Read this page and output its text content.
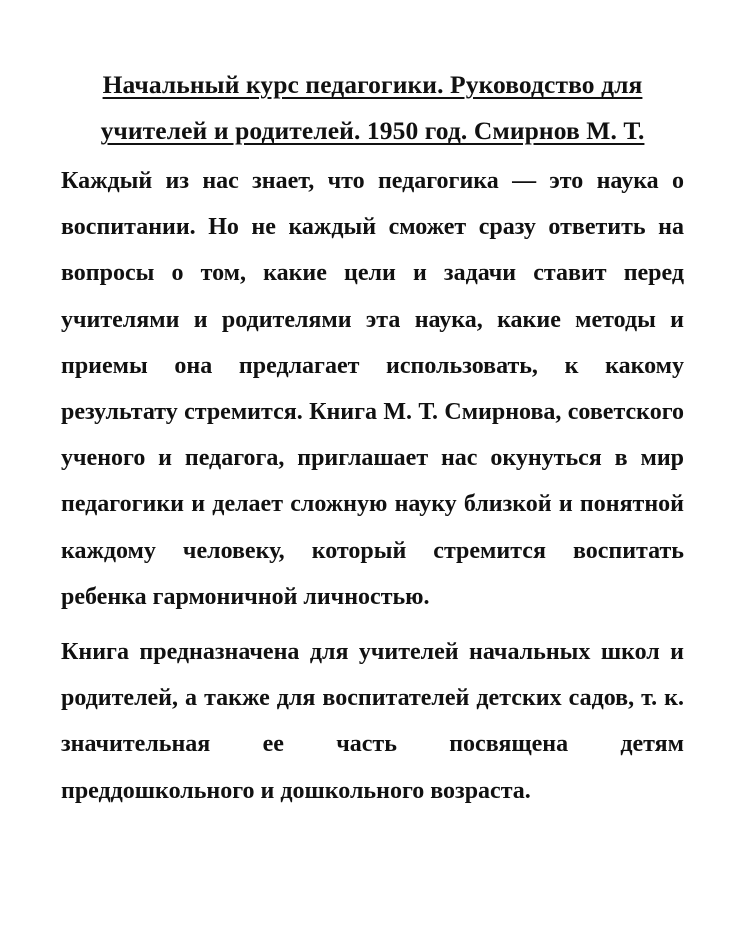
Начальный курс педагогики. Руководство для учителей и родителей. 1950 год. Смирнов М. Т.

Каждый из нас знает, что педагогика — это наука о воспитании. Но не каждый сможет сразу ответить на вопросы о том, какие цели и задачи ставит перед учителями и родителями эта наука, какие методы и приемы она предлагает использовать, к какому результату стремится. Книга М. Т. Смирнова, советского ученого и педагога, приглашает нас окунуться в мир педагогики и делает сложную науку близкой и понятной каждому человеку, который стремится воспитать ребенка гармоничной личностью.

Книга предназначена для учителей начальных школ и родителей, а также для воспитателей детских садов, т. к. значительная ее часть посвящена детям преддошкольного и дошкольного возраста.
